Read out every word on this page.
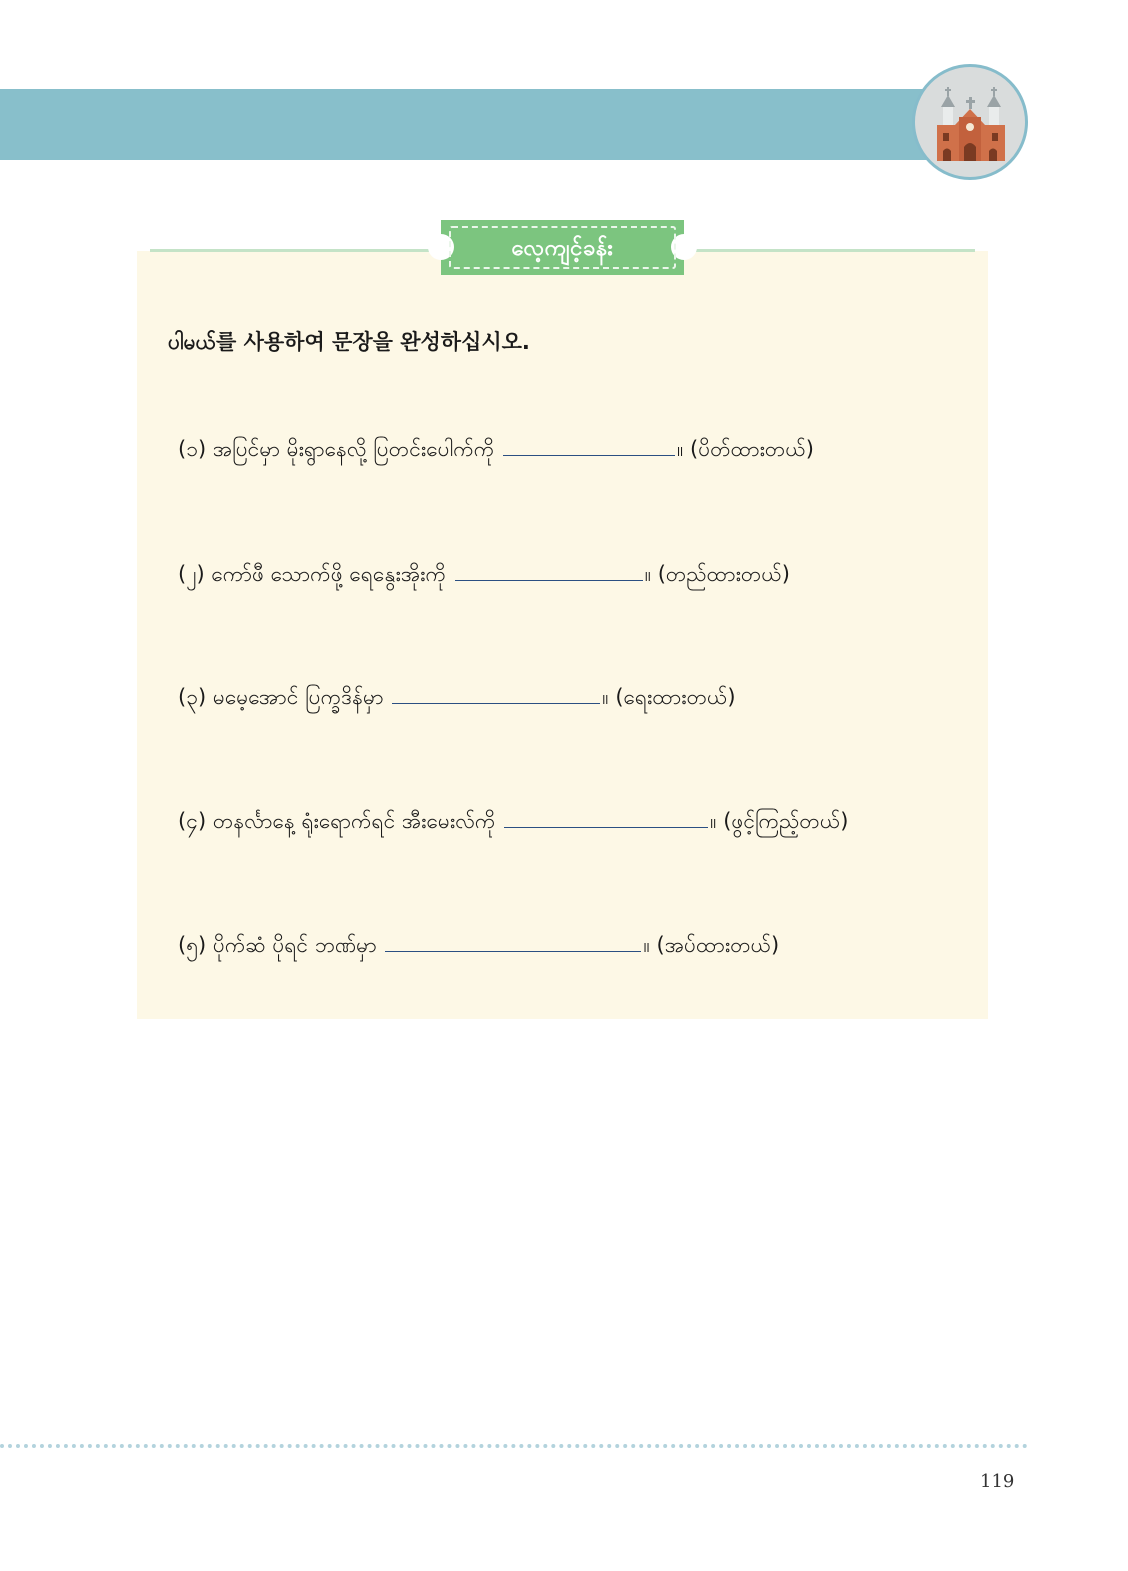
လေ့ကျင့်ခန်း
ပါမယ်를 사용하여 문장을 완성하십시오.
(၁)
အပြင်မှာ မိုးရွာနေလို့ ပြတင်းပေါက်ကို
	။ (ပိတ်ထားတယ်)
(၂)
ကော်ဖီ သောက်ဖို့ ရေနွေးအိုးကို
	။ (တည်ထားတယ်)
(၃)
မမေ့အောင် ပြက္ခဒိန်မှာ
	။ (ရေးထားတယ်)
(၄)
တနင်္လာနေ့ ရုံးရောက်ရင် အီးမေးလ်ကို
	။ (ဖွင့်ကြည့်တယ်)
(၅)
ပိုက်ဆံ ပိုရင် ဘဏ်မှာ
	။ (အပ်ထားတယ်)
119
